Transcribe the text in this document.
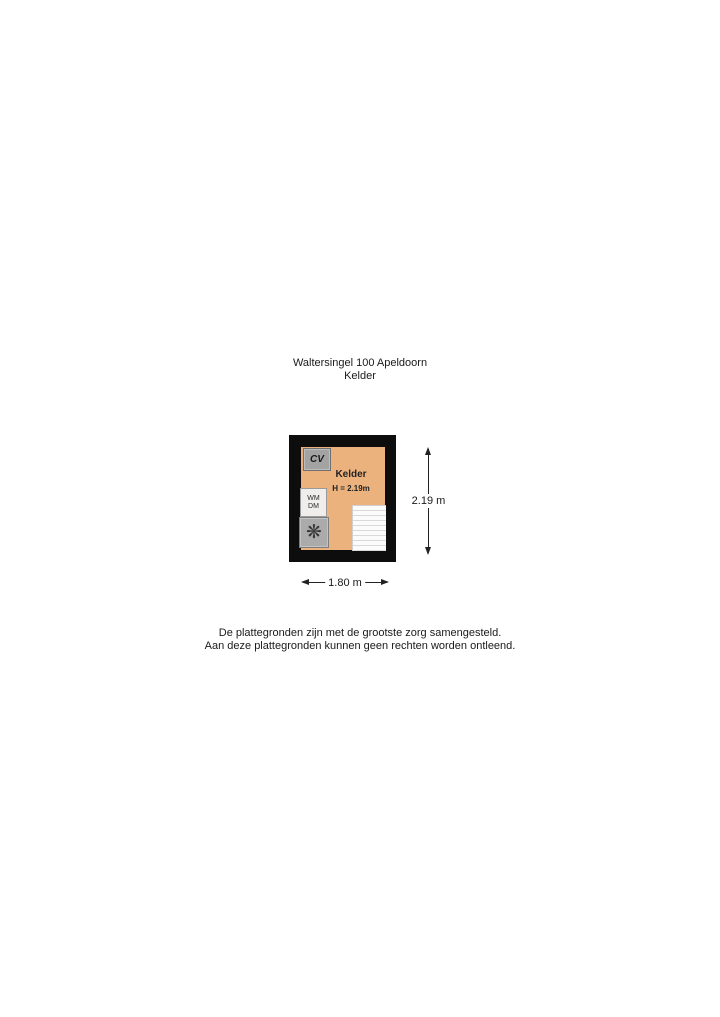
Waltersingel 100 Apeldoorn
Kelder
CV
Kelder
H = 2.19m
WM
DM
❋
2.19 m
1.80 m
De plattegronden zijn met de grootste zorg samengesteld.
Aan deze plattegronden kunnen geen rechten worden ontleend.
